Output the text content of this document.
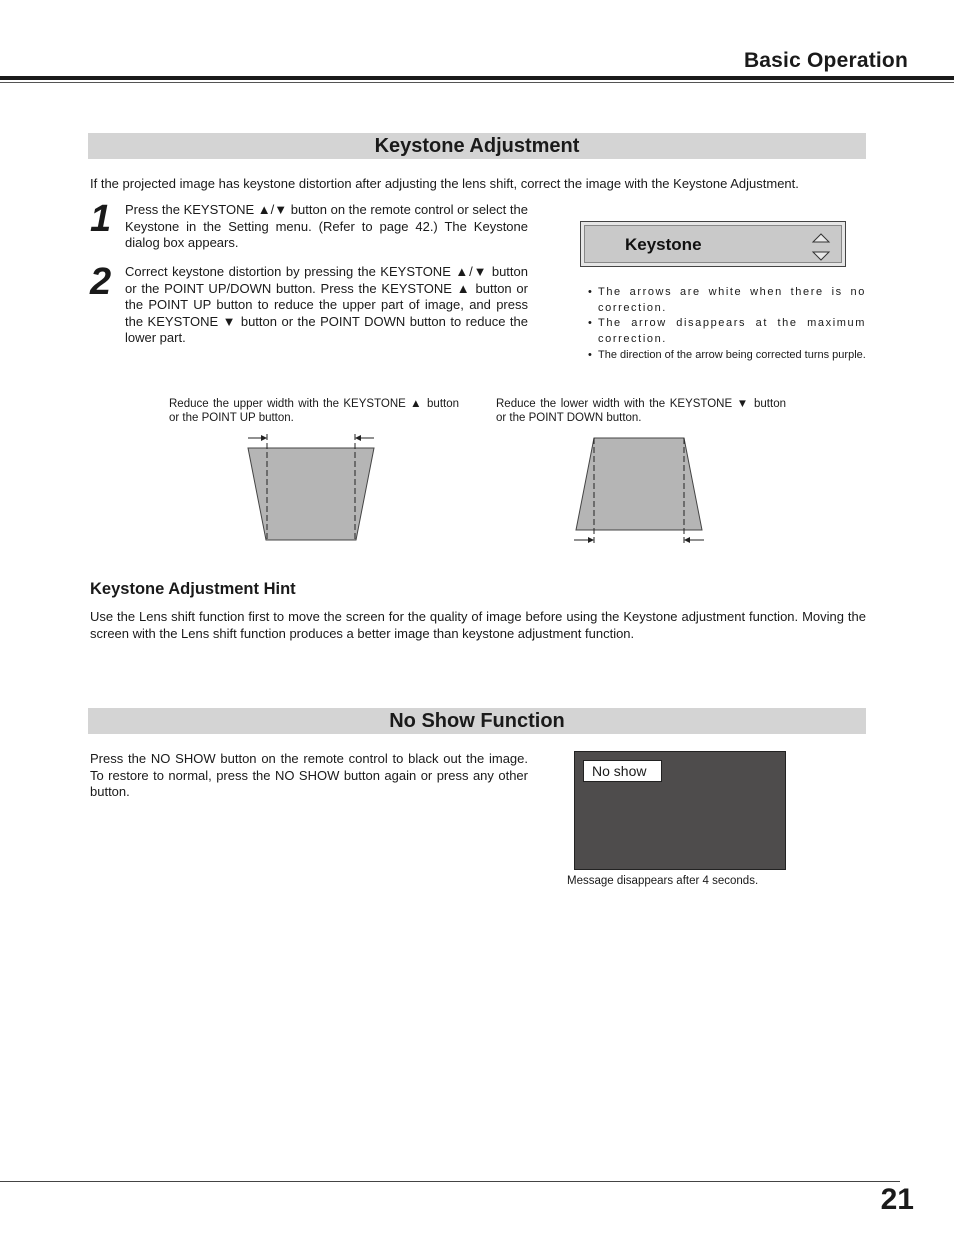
Basic Operation
Keystone Adjustment
If the projected image has keystone distortion after adjusting the lens shift, correct the image with the Keystone Adjustment.
1 Press the KEYSTONE ▲/▼ button on the remote control or select the Keystone in the Setting menu. (Refer to page 42.) The Keystone dialog box appears.
2 Correct keystone distortion by pressing the KEYSTONE ▲/▼ button or the POINT UP/DOWN button. Press the KEYSTONE ▲ button or the POINT UP button to reduce the upper part of image, and press the KEYSTONE ▼ button or the POINT DOWN button to reduce the lower part.
Keystone
• The arrows are white when there is no correction.
• The arrow disappears at the maximum correction.
• The direction of the arrow being corrected turns purple.
Reduce the upper width with the KEYSTONE ▲ button or the POINT UP button.
Reduce the lower width with the KEYSTONE ▼ button or the POINT DOWN button.
Keystone Adjustment Hint
Use the Lens shift function first to move the screen for the quality of image before using the Keystone adjustment function. Moving the screen with the Lens shift function produces a better image than keystone adjustment function.
No Show Function
Press the NO SHOW button on the remote control to black out the image. To restore to normal, press the NO SHOW button again or press any other button.
No show
Message disappears after 4 seconds.
21
